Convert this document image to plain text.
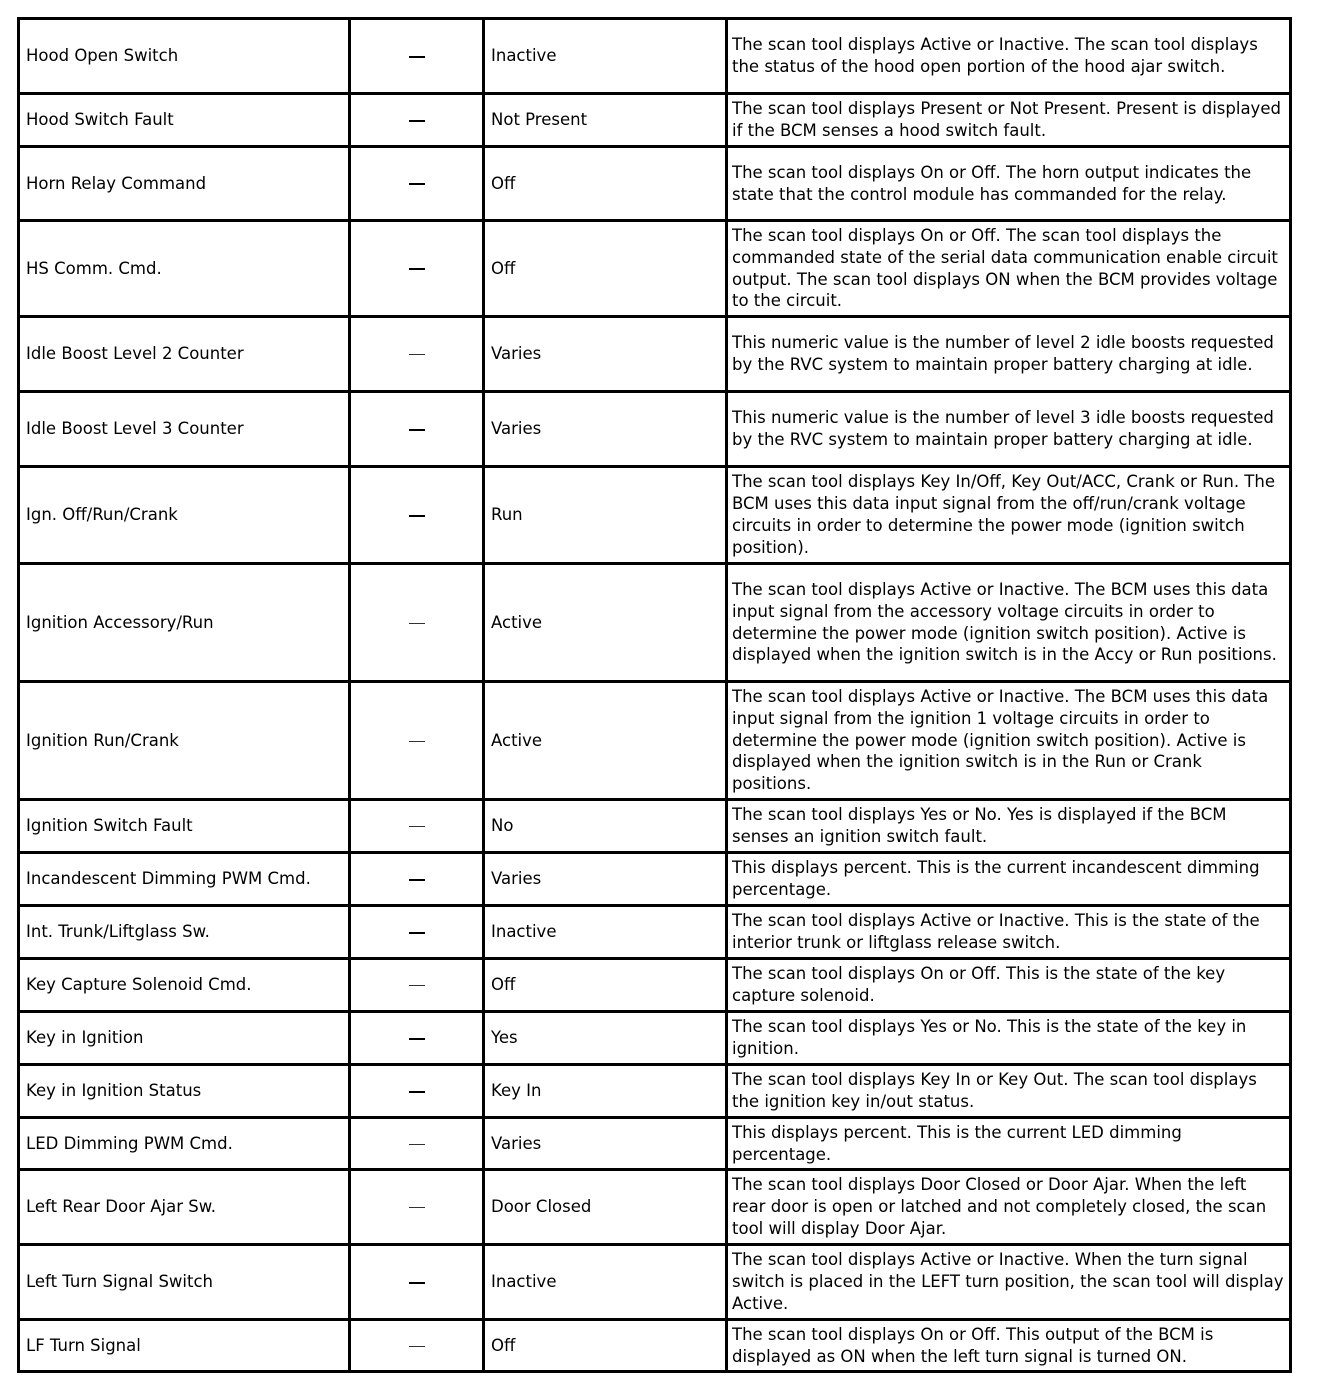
Hood Open Switch		Inactive	The scan tool displays Active or Inactive. The scan tool displays the status of the hood open portion of the hood ajar switch.
Hood Switch Fault		Not Present	The scan tool displays Present or Not Present. Present is displayed if the BCM senses a hood switch fault.
Horn Relay Command		Off	The scan tool displays On or Off. The horn output indicates the state that the control module has commanded for the relay.
HS Comm. Cmd.		Off	The scan tool displays On or Off. The scan tool displays the commanded state of the serial data communication enable circuit output. The scan tool displays ON when the BCM provides voltage to the circuit.
Idle Boost Level 2 Counter		Varies	This numeric value is the number of level 2 idle boosts requested by the RVC system to maintain proper battery charging at idle.
Idle Boost Level 3 Counter		Varies	This numeric value is the number of level 3 idle boosts requested by the RVC system to maintain proper battery charging at idle.
Ign. Off/Run/Crank		Run	The scan tool displays Key In/Off, Key Out/ACC, Crank or Run. The BCM uses this data input signal from the off/run/crank voltage circuits in order to determine the power mode (ignition switch position).
Ignition Accessory/Run		Active	The scan tool displays Active or Inactive. The BCM uses this data input signal from the accessory voltage circuits in order to determine the power mode (ignition switch position). Active is displayed when the ignition switch is in the Accy or Run positions.
Ignition Run/Crank		Active	The scan tool displays Active or Inactive. The BCM uses this data input signal from the ignition 1 voltage circuits in order to determine the power mode (ignition switch position). Active is displayed when the ignition switch is in the Run or Crank positions.
Ignition Switch Fault		No	The scan tool displays Yes or No. Yes is displayed if the BCM senses an ignition switch fault.
Incandescent Dimming PWM Cmd.		Varies	This displays percent. This is the current incandescent dimming percentage.
Int. Trunk/Liftglass Sw.		Inactive	The scan tool displays Active or Inactive. This is the state of the interior trunk or liftglass release switch.
Key Capture Solenoid Cmd.		Off	The scan tool displays On or Off. This is the state of the key capture solenoid.
Key in Ignition		Yes	The scan tool displays Yes or No. This is the state of the key in ignition.
Key in Ignition Status		Key In	The scan tool displays Key In or Key Out. The scan tool displays the ignition key in/out status.
LED Dimming PWM Cmd.		Varies	This displays percent. This is the current LED dimming percentage.
Left Rear Door Ajar Sw.		Door Closed	The scan tool displays Door Closed or Door Ajar. When the left rear door is open or latched and not completely closed, the scan tool will display Door Ajar.
Left Turn Signal Switch		Inactive	The scan tool displays Active or Inactive. When the turn signal switch is placed in the LEFT turn position, the scan tool will display Active.
LF Turn Signal		Off	The scan tool displays On or Off. This output of the BCM is displayed as ON when the left turn signal is turned ON.
